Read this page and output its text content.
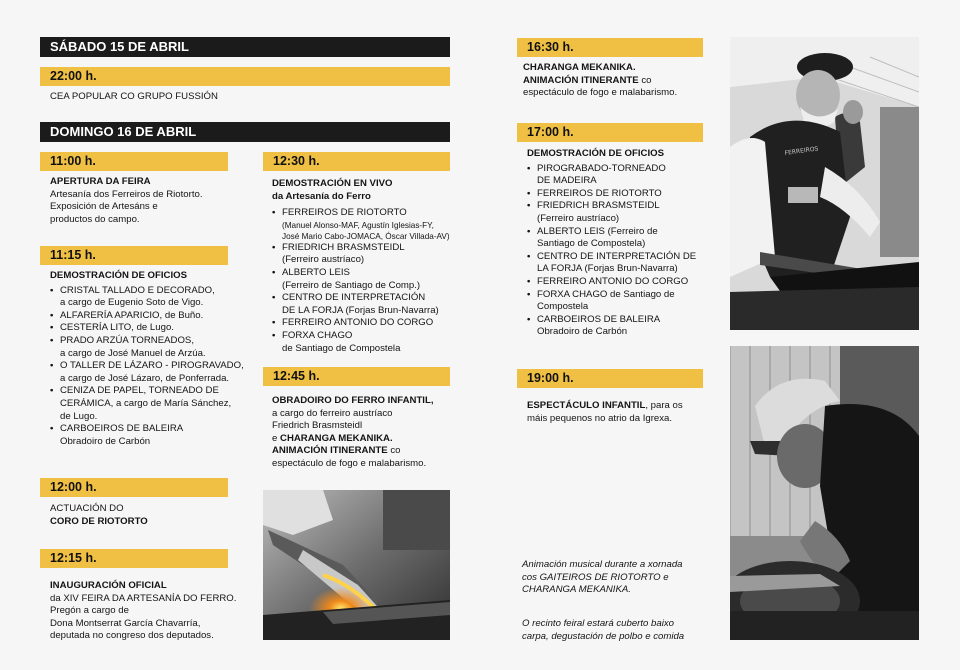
SÁBADO 15 DE ABRIL
22:00 h.
CEA POPULAR CO GRUPO FUSSIÓN
DOMINGO 16 DE ABRIL
11:00 h.
APERTURA DA FEIRA
Artesanía dos Ferreiros de Riotorto.
Exposición de Artesáns e
productos do campo.
11:15 h.
DEMOSTRACIÓN DE OFICIOS
• CRISTAL TALLADO E DECORADO,
a cargo de Eugenio Soto de Vigo.
• ALFARERÍA APARICIO, de Buño.
• CESTERÍA LITO, de Lugo.
• PRADO ARZÚA TORNEADOS,
a cargo de José Manuel de Arzúa.
• O TALLER DE LÁZARO - PIROGRAVADO,
a cargo de José Lázaro, de Ponferrada.
• CENIZA DE PAPEL, TORNEADO DE
CERÁMICA, a cargo de María Sánchez,
de Lugo.
• CARBOEIROS DE BALEIRA
Obradoiro de Carbón
12:00 h.
ACTUACIÓN DO
CORO DE RIOTORTO
12:15 h.
INAUGURACIÓN OFICIAL
da XIV FEIRA DA ARTESANÍA DO FERRO.
Pregón a cargo de
Dona Montserrat García Chavarría,
deputada no congreso dos deputados.
12:30 h.
DEMOSTRACIÓN EN VIVO
da Artesanía do Ferro
• FERREIROS DE RIOTORTO
(Manuel Alonso-MAF, Agustín Iglesias-FY,
José Mario Cabo-JOMACA, Óscar Villada-AV)
• FRIEDRICH BRASMSTEIDL
(Ferreiro austríaco)
• ALBERTO LEIS
(Ferreiro de Santiago de Comp.)
• CENTRO DE INTERPRETACIÓN
DE LA FORJA (Forjas Brun-Navarra)
• FERREIRO ANTONIO DO CORGO
• FORXA CHAGO
de Santiago de Compostela
12:45 h.
OBRADOIRO DO FERRO INFANTIL,
a cargo do ferreiro austríaco
Friedrich Brasmsteidl
e CHARANGA MEKANIKA.
ANIMACIÓN ITINERANTE co
espectáculo de fogo e malabarismo.
16:30 h.
CHARANGA MEKANIKA.
ANIMACIÓN ITINERANTE co
espectáculo de fogo e malabarismo.
17:00 h.
DEMOSTRACIÓN DE OFICIOS
• PIROGRABADO-TORNEADO
DE MADEIRA
• FERREIROS DE RIOTORTO
• FRIEDRICH BRASMSTEIDL
(Ferreiro austríaco)
• ALBERTO LEIS (Ferreiro de
Santiago de Compostela)
• CENTRO DE INTERPRETACIÓN DE
LA FORJA (Forjas Brun-Navarra)
• FERREIRO ANTONIO DO CORGO
• FORXA CHAGO de Santiago de
Compostela
• CARBOEIROS DE BALEIRA
Obradoiro de Carbón
19:00 h.
ESPECTÁCULO INFANTIL, para os
máis pequenos no atrio da Igrexa.
Animación musical durante a xornada
cos GAITEIROS DE RIOTORTO e
CHARANGA MEKANIKA.
O recinto feiral estará cuberto baixo
carpa, degustación de polbo e comida
FERREIROS
